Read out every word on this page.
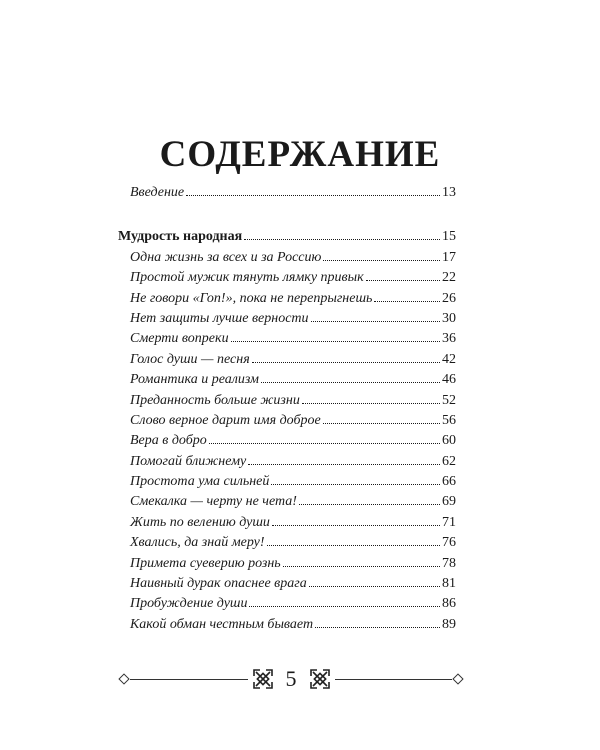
СОДЕРЖАНИЕ
Введение	13
Мудрость народная	15
Одна жизнь за всех и за Россию	17
Простой мужик тянуть лямку привык	22
Не говори «Гоп!», пока не перепрыгнешь	26
Нет защиты лучше верности	30
Смерти вопреки	36
Голос души — песня	42
Романтика и реализм	46
Преданность больше жизни	52
Слово верное дарит имя доброе	56
Вера в добро	60
Помогай ближнему	62
Простота ума сильней	66
Смекалка — черту не чета!	69
Жить по велению души	71
Хвались, да знай меру!	76
Примета суеверию рознь	78
Наивный дурак опаснее врага	81
Пробуждение души	86
Какой обман честным бывает	89
5
